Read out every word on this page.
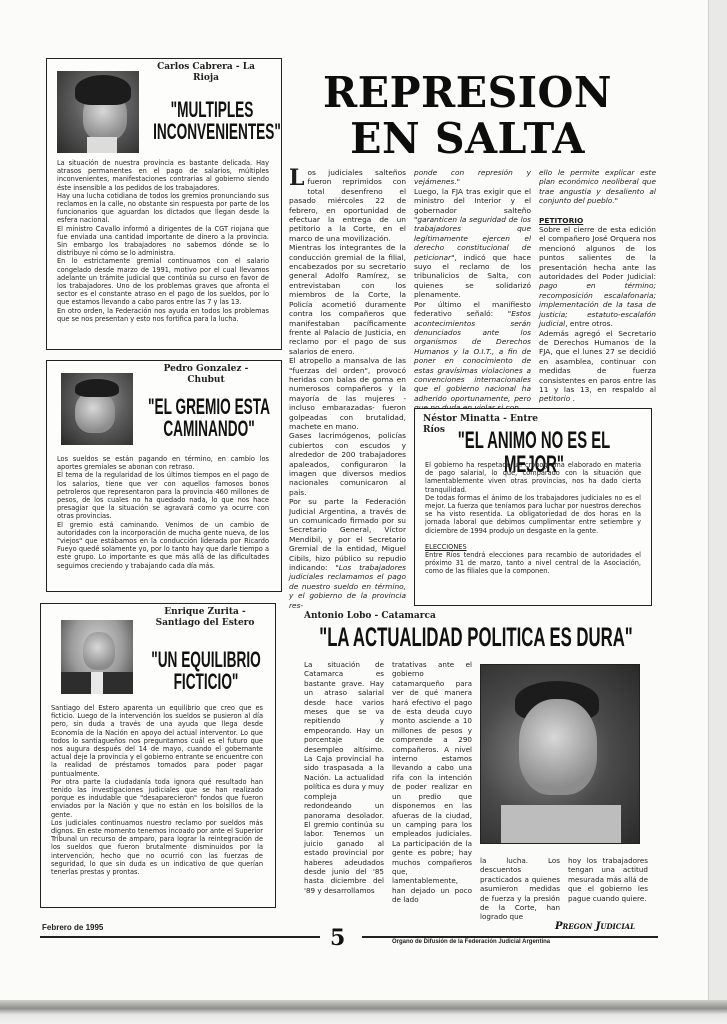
Carlos Cabrera - La Rioja
"MULTIPLES INCONVENIENTES"

La situación de nuestra provincia es bastante delicada. Hay atrasos permanentes en el pago de salarios, múltiples inconvenientes, manifestaciones contrarias al gobierno siendo éste insensible a los pedidos de los trabajadores.

Hay una lucha cotidiana de todos los gremios pronunciando sus reclamos en la calle, no obstante sin respuesta por parte de los funcionarios que aguardan los dictados que llegan desde la esfera nacional.

El ministro Cavallo informó a dirigentes de la CGT riojana que fue enviada una cantidad importante de dinero a la provincia. Sin embargo los trabajadores no sabemos dónde se lo distribuye ni cómo se lo administra.

En lo estrictamente gremial continuamos con el salario congelado desde marzo de 1991, motivo por el cual llevamos adelante un trámite judicial que continúa su curso en favor de los trabajadores. Uno de los problemas graves que afronta el sector es el constante atraso en el pago de los sueldos, por lo que estamos llevando a cabo paros entre las 7 y las 13.

En otro orden, la Federación nos ayuda en todos los problemas que se nos presentan y esto nos fortifica para la lucha.

Pedro Gonzalez - Chubut
"EL GREMIO ESTA CAMINANDO"

Los sueldos se están pagando en término, en cambio los aportes gremiales se abonan con retraso.

El tema de la regularidad de los últimos tiempos en el pago de los salarios, tiene que ver con aquellos famosos bonos petroleros que representaron para la provincia 460 millones de pesos, de los cuales no ha quedado nada, lo que nos hace presagiar que la situación se agravará como ya ocurre con otras provincias.

El gremio está caminando. Venimos de un cambio de autoridades con la incorporación de mucha gente nueva, de los "viejos" que estábamos en la conducción liderada por Ricardo Fueyo quedé solamente yo, por lo tanto hay que darle tiempo a este grupo. Lo importante es que más allá de las dificultades seguimos creciendo y trabajando cada día más.

Enrique Zurita - Santiago del Estero
"UN EQUILIBRIO FICTICIO"

Santiago del Estero aparenta un equilibrio que creo que es ficticio. Luego de la intervención los sueldos se pusieron al día pero, sin duda a través de una ayuda que llega desde Economía de la Nación en apoyo del actual interventor. Lo que todos lo santiagueños nos preguntamos cuál es el futuro que nos augura después del 14 de mayo, cuando el gobernante actual deje la provincia y el gobierno entrante se encuentre con la realidad de préstamos tomados para poder pagar puntualmente.

Por otra parte la ciudadanía toda ignora qué resultado han tenido las investigaciones judiciales que se han realizado porque es indudable que "desaparecieron" fondos que fueron enviados por la Nación y que no están en los bolsillos de la gente.

Los judiciales continuamos nuestro reclamo por sueldos más dignos. En este momento tenemos incoado por ante el Superior Tribunal un recurso de amparo, para lograr la reintegración de los sueldos que fueron brutalmente disminuidos por la intervención, hecho que no ocurrió con las fuerzas de seguridad, lo que sin duda es un indicativo de que querían tenerlas prestas y prontas.

REPRESION EN SALTA

Los judiciales salteños fueron reprimidos con total desenfreno el pasado miércoles 22 de febrero, en oportunidad de efectuar la entrega de un petitorio a la Corte, en el marco de una movilización.

Mientras los integrantes de la conducción gremial de la filial, encabezados por su secretario general Adolfo Ramírez, se entrevistaban con los miembros de la Corte, la Policía acometió duramente contra los compañeros que manifestaban pacíficamente frente al Palacio de Justicia, en reclamo por el pago de sus salarios de enero.

El atropello a mansalva de las "fuerzas del orden", provocó heridas con balas de goma en numerosos compañeros y la mayoría de las mujeres -incluso embarazadas- fueron golpeadas con brutalidad, machete en mano.

Gases lacrimógenos, policías cubiertos con escudos y alrededor de 200 trabajadores apaleados, configuraron la imagen que diversos medios nacionales comunicaron al país.

Por su parte la Federación Judicial Argentina, a través de un comunicado firmado por su Secretario General, Víctor Mendibil, y por el Secretario Gremial de la entidad, Miguel Cibils, hizo público su repudio indicando: "Los trabajadores judiciales reclamamos el pago de nuestro sueldo en término, y el gobierno de la provincia res-

ponde con represión y vejámenes."

Luego, la FJA tras exigir que el ministro del Interior y el gobernador salteño "garanticen la seguridad de los trabajadores que legítimamente ejercen el derecho constitucional de peticionar", indicó que hace suyo el reclamo de los tribunalicios de Salta, con quienes se solidarizó plenamente.

Por último el manifiesto federativo señaló: "Estos acontecimientos serán denunciados ante los organismos de Derechos Humanos y la O.I.T., a fin de poner en conocimiento de estas gravísimas violaciones a convenciones internacionales que el gobierno nacional ha adherido oportunamente, pero

ello le permite explicar este plan económico neoliberal que trae angustia y desaliento al conjunto del pueblo."

PETITORIO

Sobre el cierre de esta edición el compañero José Orquera nos mencionó algunos de los puntos salientes de la presentación hecha ante las autoridades del Poder Judicial: pago en término; recomposición escalafonaria; implementación de la tasa de justicia; estatuto-escalafón judicial, entre otros.

Además agregó el Secretario de Derechos Humanos de la FJA, que el lunes 27 se decidió en asamblea, continuar con medidas de fuerza consistentes en paros entre las 11 y las 13, en respaldo al petitorio .

Néstor Minatta - Entre Ríos "EL ANIMO NO ES EL MEJOR"

El gobierno ha respetado un cronograma elaborado en materia de pago salarial, lo que, comparado con la situación que lamentablemente viven otras provincias, nos ha dado cierta tranquilidad.

De todas formas el ánimo de los trabajadores judiciales no es el mejor. La fuerza que teníamos para luchar por nuestros derechos se ha visto resentida. La obligatoriedad de dos horas en la jornada laboral que debimos cumplimentar entre setiembre y diciembre de 1994 produjo un desgaste en la gente.

ELECCIONES

Entre Ríos tendrá elecciones para recambio de autoridades el próximo 31 de marzo, tanto a nivel central de la Asociación, como de las filiales que la componen.

Antonio Lobo - Catamarca
"LA ACTUALIDAD POLITICA ES DURA"
La situación de Catamarca es bastante grave. Hay un atraso salarial desde hace varios meses que se va repitiendo y empeorando. Hay un porcentaje de desempleo altísimo. La Caja provincial ha sido traspasada a la Nación. La actualidad política es dura y muy compleja redondeando un panorama desolador. El gremio continúa su labor. Tenemos un juicio ganado al estado provincial por haberes adeudados desde junio del '85 hasta diciembre del '89 y desarrollamos
tratativas ante el gobierno catamarqueño para ver de qué manera hará efectivo el pago de esta deuda cuyo monto asciende a 10 millones de pesos y comprende a 290 compañeros. A nivel interno estamos llevando a cabo una rifa con la intención de poder realizar en un predio que disponemos en las afueras de la ciudad, un camping para los empleados judiciales. La participación de la gente es pobre; hay muchos compañeros que, lamentablemente, han dejado un poco de lado
la lucha. Los descuentos practicados a quienes asumieron medidas de fuerza y la presión de la Corte, han logrado que
hoy los trabajadores tengan una actitud mesurada más allá de que el gobierno les pague cuando quiere.
Febrero de 1995	5	Pregon Judicial
Organo de Difusión de la Federación Judicial Argentina
